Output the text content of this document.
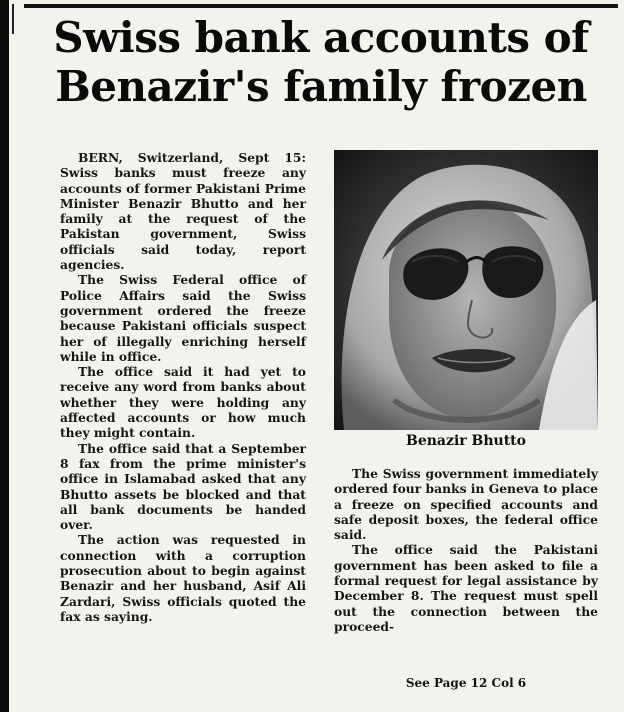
Swiss bank accounts of
Benazir's family frozen

BERN, Switzerland, Sept 15: Swiss banks must freeze any accounts of former Pakistani Prime Minister Benazir Bhutto and her family at the request of the Pakistan government, Swiss officials said today, report agencies.

The Swiss Federal office of Police Affairs said the Swiss government ordered the freeze because Pakistani officials suspect her of illegally enriching herself while in office.

The office said it had yet to receive any word from banks about whether they were holding any affected accounts or how much they might contain.

The office said that a September 8 fax from the prime minister's office in Islamabad asked that any Bhutto assets be blocked and that all bank documents be handed over.

The action was requested in connection with a corruption prosecution about to begin against Benazir and her husband, Asif Ali Zardari, Swiss officials quoted the fax as saying.

Benazir Bhutto

The Swiss government immediately ordered four banks in Geneva to place a freeze on specified accounts and safe deposit boxes, the federal office said.

The office said the Pakistani government has been asked to file a formal request for legal assistance by December 8. The request must spell out the connection between the proceed-

See Page 12 Col 6
